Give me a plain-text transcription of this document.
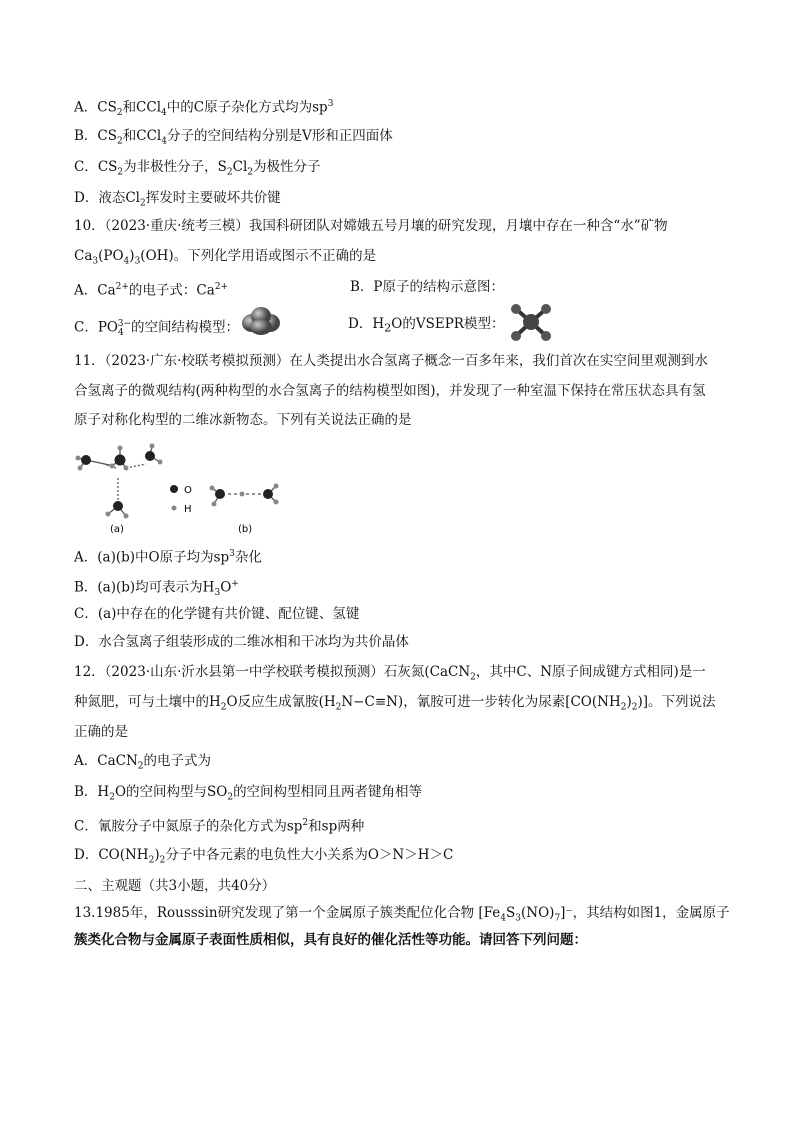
A．$CS_2$和CCl$_4$中的C原子杂化方式均为$sp^3$
B．$CS_2$和CCl$_4$分子的空间结构分别是V形和正四面体
C．$CS_2$为非极性分子，$S_2Cl_2$为极性分子
D．液态$Cl_2$挥发时主要破坏共价键
10．（2023·重庆·统考三模）我国科研团队对嫦娥五号月壤的研究发现，月壤中存在一种含“水”矿物
$Ca_3(PO_4)_3(OH)$。下列化学用语或图示不正确的是
A．$Ca^{2+}$的电子式：$Ca^{2+}$	B．P原子的结构示意图：
C．$PO_4^{3-}$的空间结构模型：	D．$H_2O$的VSEPR模型：
11．（2023·广东·校联考模拟预测）在人类提出水合氢离子概念一百多年来，我们首次在实空间里观测到水
合氢离子的微观结构(两种构型的水合氢离子的结构模型如图)，并发现了一种室温下保持在常压状态具有氢
原子对称化构型的二维冰新物态。下列有关说法正确的是
O
H
(a)	(b)
A．(a)(b)中O原子均为$sp^3$杂化
B．(a)(b)均可表示为$H_3O^+$
C．(a)中存在的化学键有共价键、配位键、氢键
D．水合氢离子组装形成的二维冰相和干冰均为共价晶体
12．（2023·山东·沂水县第一中学校联考模拟预测）石灰氮(CaCN$_2$，其中C、N原子间成键方式相同)是一
种氮肥，可与土壤中的$H_2O$反应生成氰胺$(H_2N-C\equiv N)$，氰胺可进一步转化为尿素$[CO(NH_2)_2)$]。下列说法
正确的是
A．CaCN$_2$的电子式为
B．$H_2O$的空间构型与$SO_2$的空间构型相同且两者键角相等
C．氰胺分子中氮原子的杂化方式为$sp^2$和sp两种
D．$CO(NH_2)_2$分子中各元素的电负性大小关系为O＞N＞H＞C
二、主观题（共3小题，共40分）
13.1985年，Rousssin研究发现了第一个金属原子簇类配位化合物 $[Fe_4S_3(NO)_7]^-$，其结构如图1，金属原子
簇类化合物与金属原子表面性质相似，具有良好的催化活性等功能。请回答下列问题：
